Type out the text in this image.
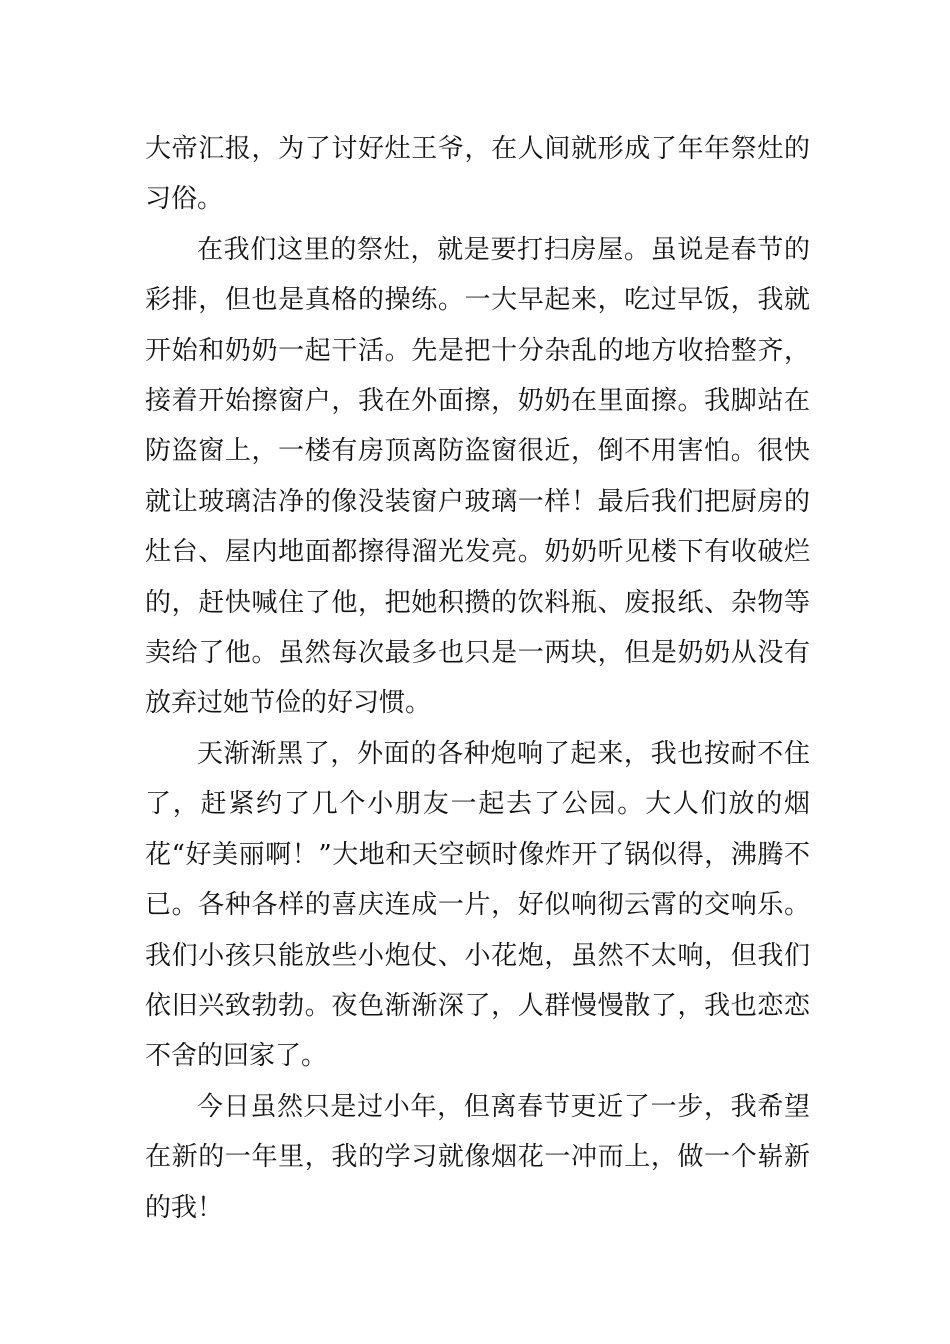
大帝汇报，为了讨好灶王爷，在人间就形成了年年祭灶的习俗。

在我们这里的祭灶，就是要打扫房屋。虽说是春节的彩排，但也是真格的操练。一大早起来，吃过早饭，我就开始和奶奶一起干活。先是把十分杂乱的地方收拾整齐，接着开始擦窗户，我在外面擦，奶奶在里面擦。我脚站在防盗窗上，一楼有房顶离防盗窗很近，倒不用害怕。很快就让玻璃洁净的像没装窗户玻璃一样！最后我们把厨房的灶台、屋内地面都擦得溜光发亮。奶奶听见楼下有收破烂的，赶快喊住了他，把她积攒的饮料瓶、废报纸、杂物等卖给了他。虽然每次最多也只是一两块，但是奶奶从没有放弃过她节俭的好习惯。

天渐渐黑了，外面的各种炮响了起来，我也按耐不住了，赶紧约了几个小朋友一起去了公园。大人们放的烟花“好美丽啊！”大地和天空顿时像炸开了锅似得，沸腾不已。各种各样的喜庆连成一片，好似响彻云霄的交响乐。我们小孩只能放些小炮仗、小花炮，虽然不太响，但我们依旧兴致勃勃。夜色渐渐深了，人群慢慢散了，我也恋恋不舍的回家了。

今日虽然只是过小年，但离春节更近了一步，我希望在新的一年里，我的学习就像烟花一冲而上，做一个崭新的我！
